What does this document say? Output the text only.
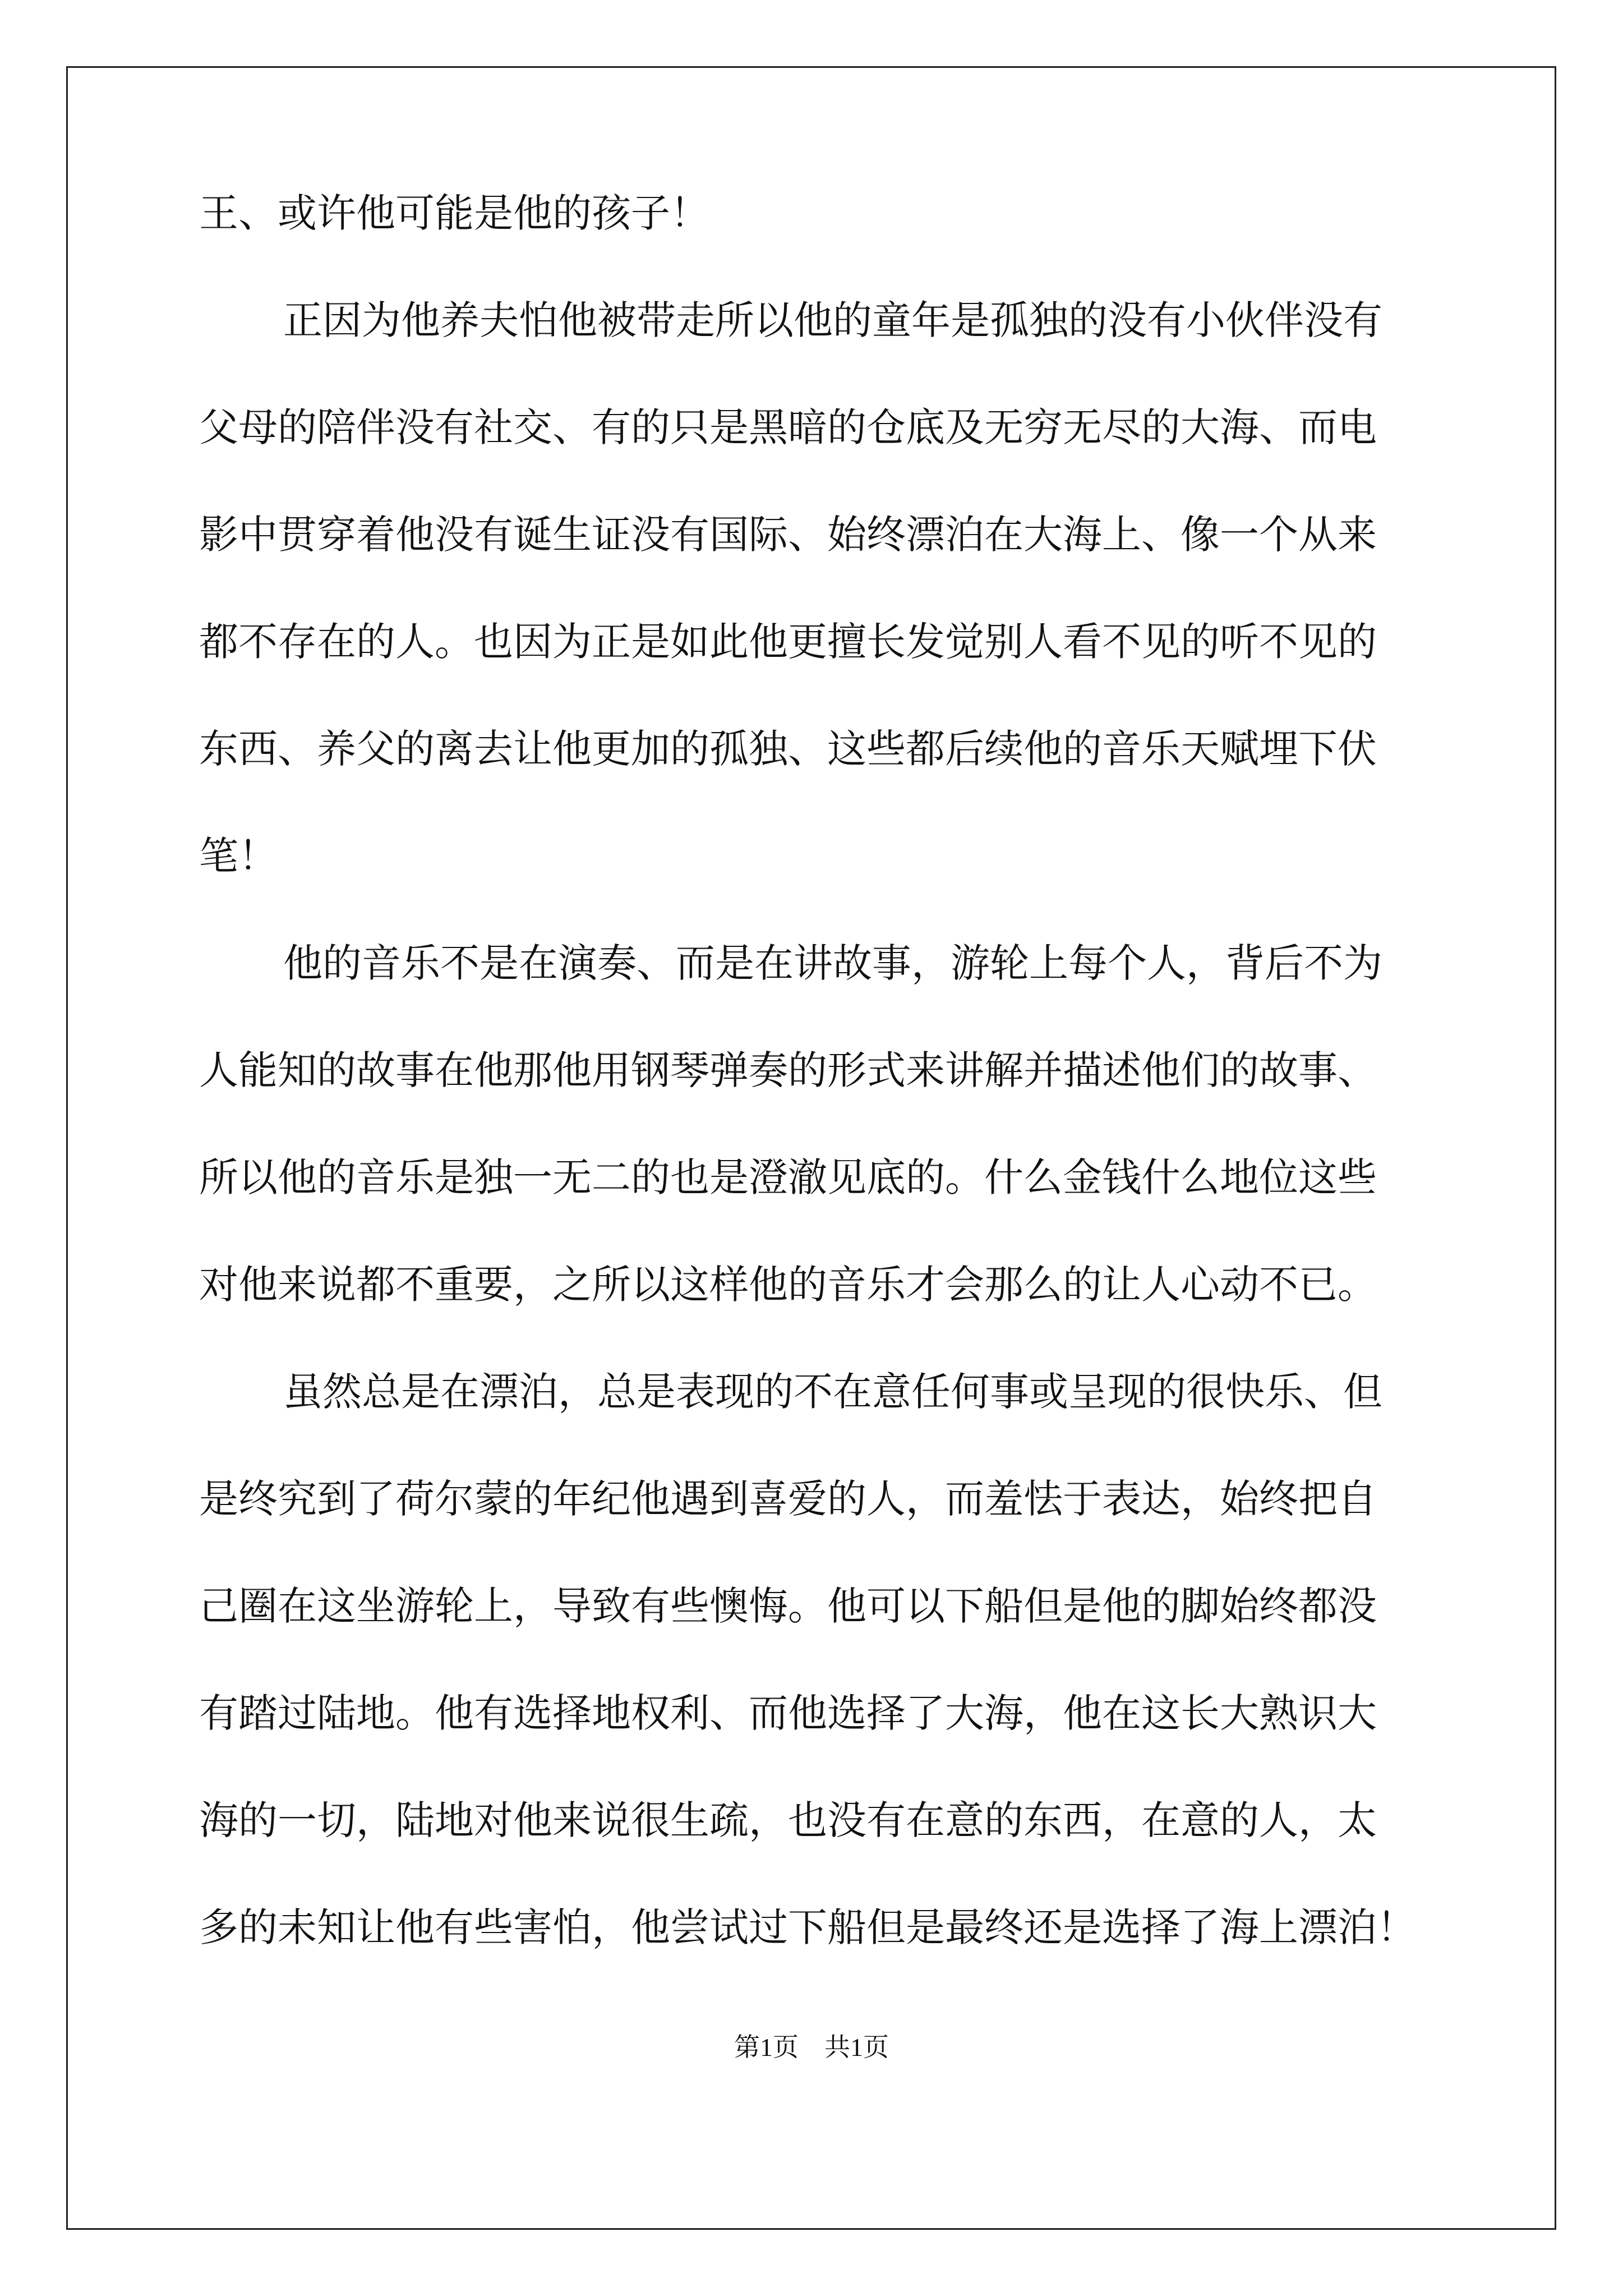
王、或许他可能是他的孩子！
正因为他养夫怕他被带走所以他的童年是孤独的没有小伙伴没有
父母的陪伴没有社交、有的只是黑暗的仓底及无穷无尽的大海、而电
影中贯穿着他没有诞生证没有国际、始终漂泊在大海上、像一个从来
都不存在的人。也因为正是如此他更擅长发觉别人看不见的听不见的
东西、养父的离去让他更加的孤独、这些都后续他的音乐天赋埋下伏
笔！
他的音乐不是在演奏、而是在讲故事，游轮上每个人，背后不为
人能知的故事在他那他用钢琴弹奏的形式来讲解并描述他们的故事、
所以他的音乐是独一无二的也是澄澈见底的。什么金钱什么地位这些
对他来说都不重要，之所以这样他的音乐才会那么的让人心动不已。
虽然总是在漂泊，总是表现的不在意任何事或呈现的很快乐、但
是终究到了荷尔蒙的年纪他遇到喜爱的人，而羞怯于表达，始终把自
己圈在这坐游轮上，导致有些懊悔。他可以下船但是他的脚始终都没
有踏过陆地。他有选择地权利、而他选择了大海，他在这长大熟识大
海的一切，陆地对他来说很生疏，也没有在意的东西，在意的人，太
多的未知让他有些害怕，他尝试过下船但是最终还是选择了海上漂泊！
第1页　共1页
